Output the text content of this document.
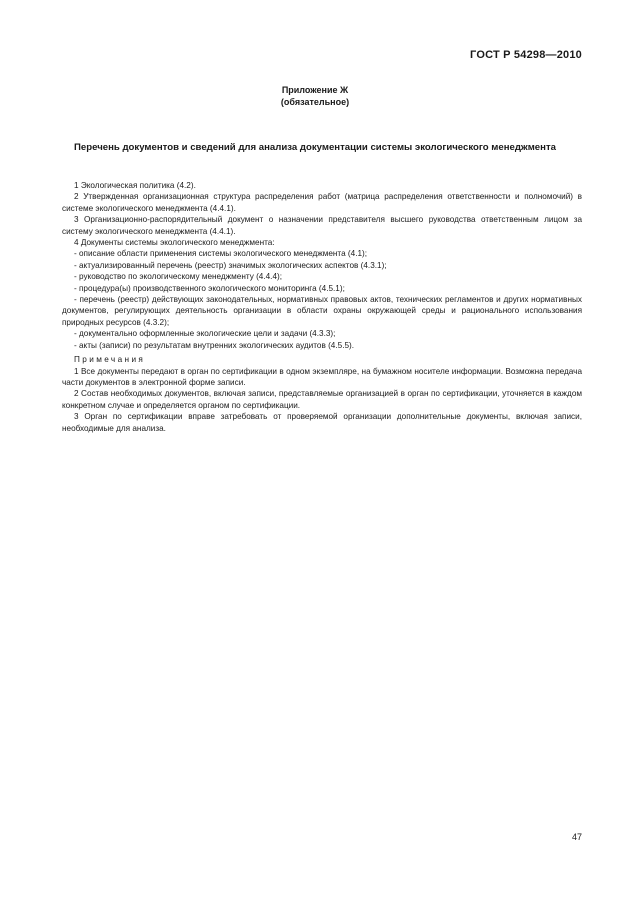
ГОСТ Р 54298—2010
Приложение Ж
(обязательное)
Перечень документов и сведений для анализа документации системы экологического менеджмента

1 Экологическая политика (4.2).

2 Утвержденная организационная структура распределения работ (матрица распределения ответственности и полномочий) в системе экологического менеджмента (4.4.1).

3 Организационно-распорядительный документ о назначении представителя высшего руководства ответственным лицом за систему экологического менеджмента (4.4.1).

4 Документы системы экологического менеджмента:

- описание области применения системы экологического менеджмента (4.1);

- актуализированный перечень (реестр) значимых экологических аспектов (4.3.1);

- руководство по экологическому менеджменту (4.4.4);

- процедура(ы) производственного экологического мониторинга (4.5.1);

- перечень (реестр) действующих законодательных, нормативных правовых актов, технических регламентов и других нормативных документов, регулирующих деятельность организации в области охраны окружающей среды и рационального использования природных ресурсов (4.3.2);

- документально оформленные экологические цели и задачи (4.3.3);

- акты (записи) по результатам внутренних экологических аудитов (4.5.5).

Примечания

1 Все документы передают в орган по сертификации в одном экземпляре, на бумажном носителе информации. Возможна передача части документов в электронной форме записи.

2 Состав необходимых документов, включая записи, представляемые организацией в орган по сертификации, уточняется в каждом конкретном случае и определяется органом по сертификации.

3 Орган по сертификации вправе затребовать от проверяемой организации дополнительные документы, включая записи, необходимые для анализа.

47
